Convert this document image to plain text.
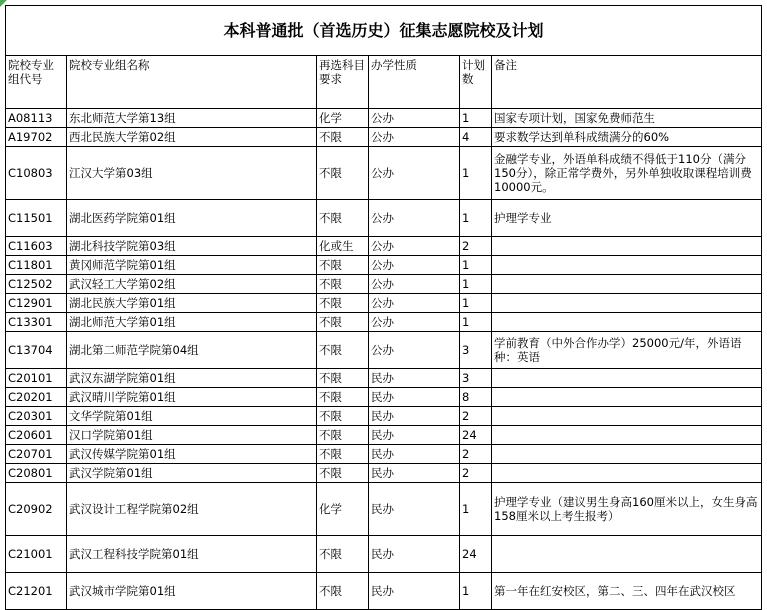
本科普通批（首选历史）征集志愿院校及计划					
院校专业组代号	院校专业组名称	再选科目要求	办学性质	计划数	备注
A08113	东北师范大学第13组	化学	公办	1	国家专项计划，国家免费师范生
A19702	西北民族大学第02组	不限	公办	4	要求数学达到单科成绩满分的60%
C10803	江汉大学第03组	不限	公办	1	金融学专业，外语单科成绩不得低于110分（满分150分），除正常学费外，另外单独收取课程培训费10000元。
C11501	湖北医药学院第01组	不限	公办	1	护理学专业
C11603	湖北科技学院第03组	化或生	公办	2	
C11801	黄冈师范学院第01组	不限	公办	1	
C12502	武汉轻工大学第02组	不限	公办	1	
C12901	湖北民族大学第01组	不限	公办	1	
C13301	湖北师范大学第01组	不限	公办	1	
C13704	湖北第二师范学院第04组	不限	公办	3	学前教育（中外合作办学）25000元/年，外语语种：英语
C20101	武汉东湖学院第01组	不限	民办	3	
C20201	武汉晴川学院第01组	不限	民办	8	
C20301	文华学院第01组	不限	民办	2	
C20601	汉口学院第01组	不限	民办	24	
C20701	武汉传媒学院第01组	不限	民办	2	
C20801	武汉学院第01组	不限	民办	2	
C20902	武汉设计工程学院第02组	化学	民办	1	护理学专业（建议男生身高160厘米以上，女生身高158厘米以上考生报考）
C21001	武汉工程科技学院第01组	不限	民办	24	
C21201	武汉城市学院第01组	不限	民办	1	第一年在红安校区，第二、三、四年在武汉校区
